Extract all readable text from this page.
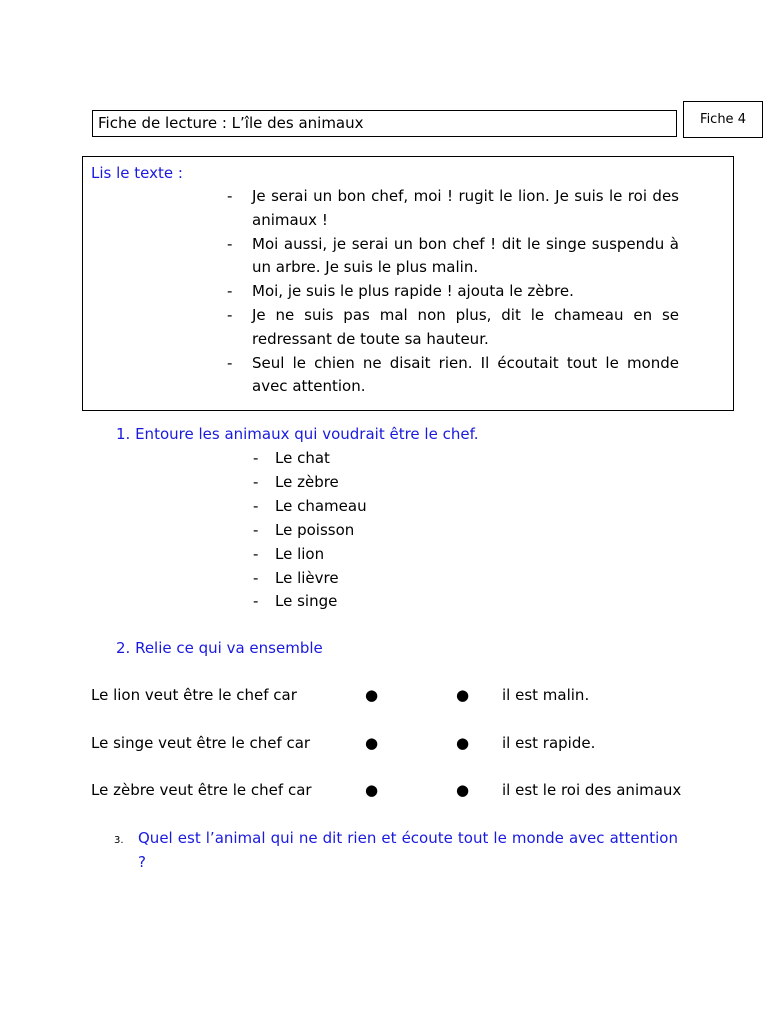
Fiche de lecture : L’île des animaux	Fiche 4
Lis le texte :
- Je serai un bon chef, moi ! rugit le lion. Je suis le roi des animaux !
- Moi aussi, je serai un bon chef ! dit le singe suspendu à un arbre. Je suis le plus malin.
- Moi, je suis le plus rapide ! ajouta le zèbre.
- Je ne suis pas mal non plus, dit le chameau en se redressant de toute sa hauteur.
- Seul le chien ne disait rien. Il écoutait tout le monde avec attention.
1. Entoure les animaux qui voudrait être le chef.
- Le chat
- Le zèbre
- Le chameau
- Le poisson
- Le lion
- Le lièvre
- Le singe
2. Relie ce qui va ensemble
Le lion veut être le chef car	●	● il est malin.
Le singe veut être le chef car	●	● il est rapide.
Le zèbre veut être le chef car	●	● il est le roi des animaux
3. Quel est l’animal qui ne dit rien et écoute tout le monde avec attention ?
